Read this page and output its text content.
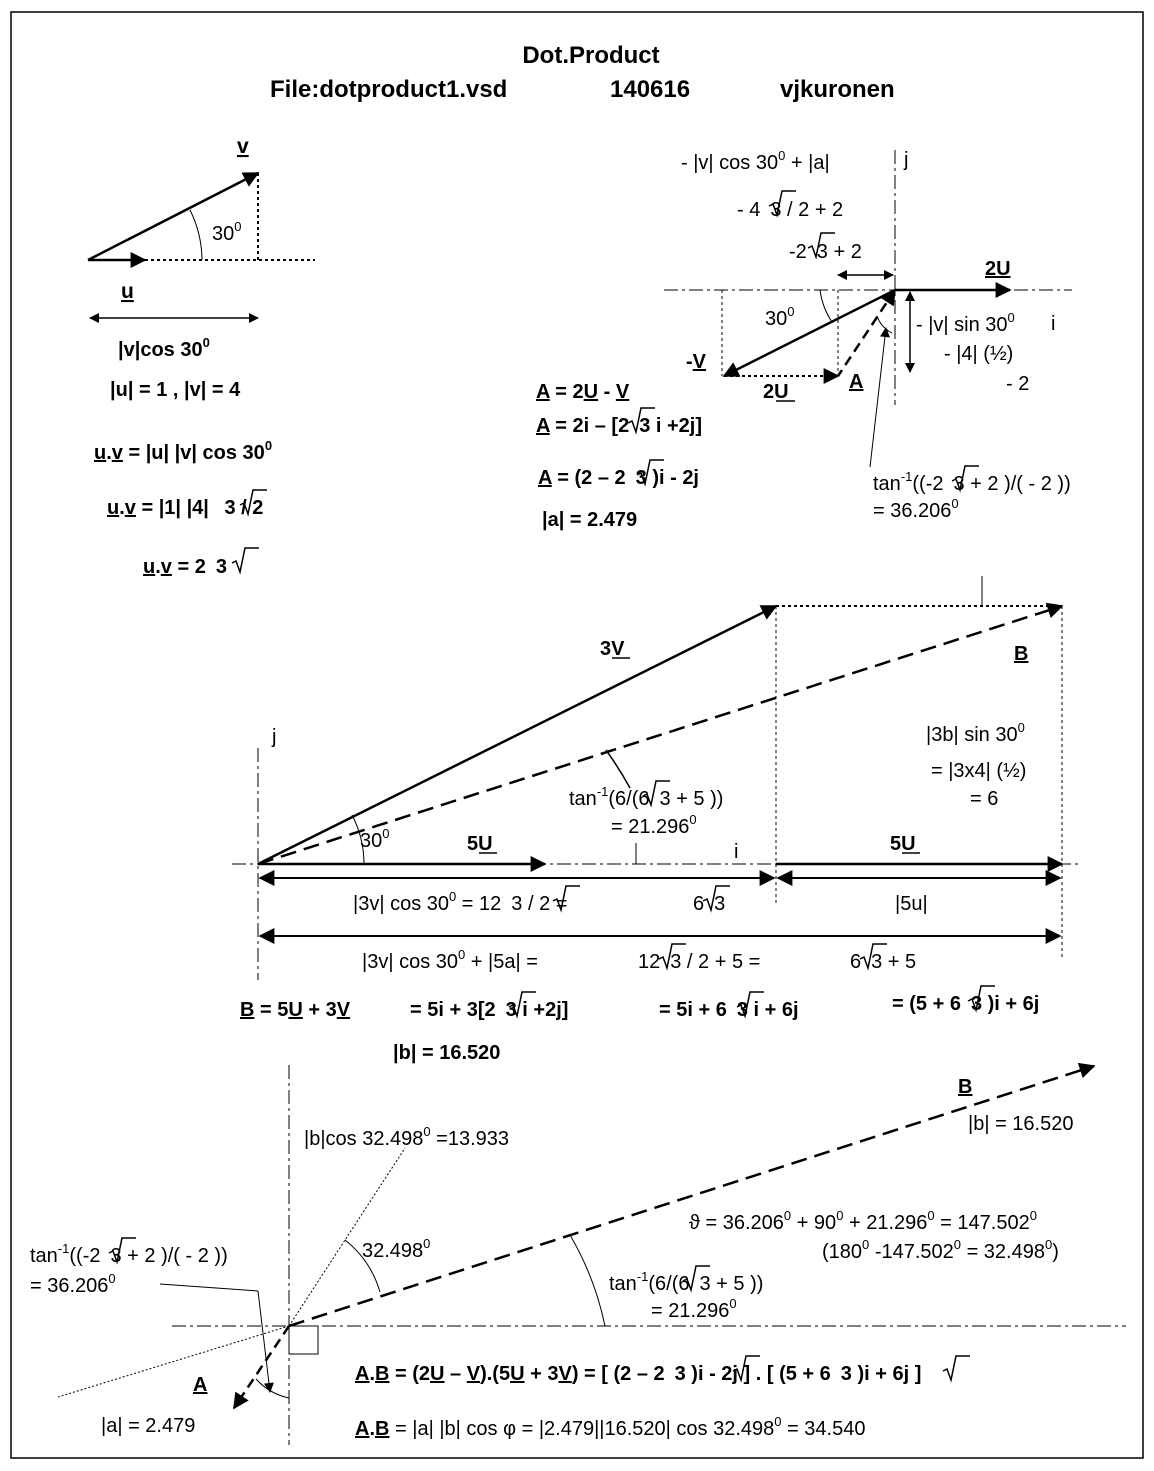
Dot.Product
File:dotproduct1.vsd	140616	vjkuronen
v
u
$30^0$
|v|cos $30^0$
|u| = 1 , |v| = 4
u.v = |u| |v| $\cos 30^0$
u.v = |1| |4| 3 / 2
u.v = 2 3
- |v| $\cos 30^0 + |a|$	j
- 4 3 / 2 + 2
-2 3 + 2
2U
$30^0$
- |v| $\sin 30^0$ i
- |4| (½)
- 2
-V
A
2U
A = 2U - V
A = 2i – [2 3 i +2j]
A = (2 – 2 3 )i - 2j
|a| = 2.479
$\tan^{-1}((-2$ 3 + 2 )/( - 2 ))
= $36.206^0$
3V	B
j	|3b| $\sin 30^0$
= |3x4| (½)
= 6
$\tan^{-1}(6/(6$ 3 + 5 ))
= $21.296^0$
$30^0$	5U	i	5U
|3v| $\cos 30^0 = 12$ 3 / 2 =	6 3	|5u|
|3v| $\cos 30^0 + |5a|$ =	12 3 / 2 + 5 =	6 3 + 5
B = 5U + 3V	= 5i + 3[2 3 i +2j]	= 5i + 6 3 i + 6j	= (5 + 6 3 )i + 6j
|b| = 16.520
B
|b| = 16.520
|b|cos $32.498^0 =13.933$
$ϑ = 36.206^0 + 90^0 + 21.296^0 = 147.502^0$
($180^0$ $-147.502^0 = 32.498^0$)
32.498$^0$
$\tan^{-1}((-2$ 3 + 2 )/( - 2 ))
= $36.206^0$	$\tan^{-1}(6/(6$ 3 + 5 ))
= $21.296^0$
A
|a| = 2.479
A.B = (2U – V).(5U + 3V) = [ (2 – 2 3 )i - 2j ] . [ (5 + 6 3 )i + 6j ]
A.B = |a| |b| cos φ = |2.479||16.520| $\cos 32.498^0 = 34.540$
